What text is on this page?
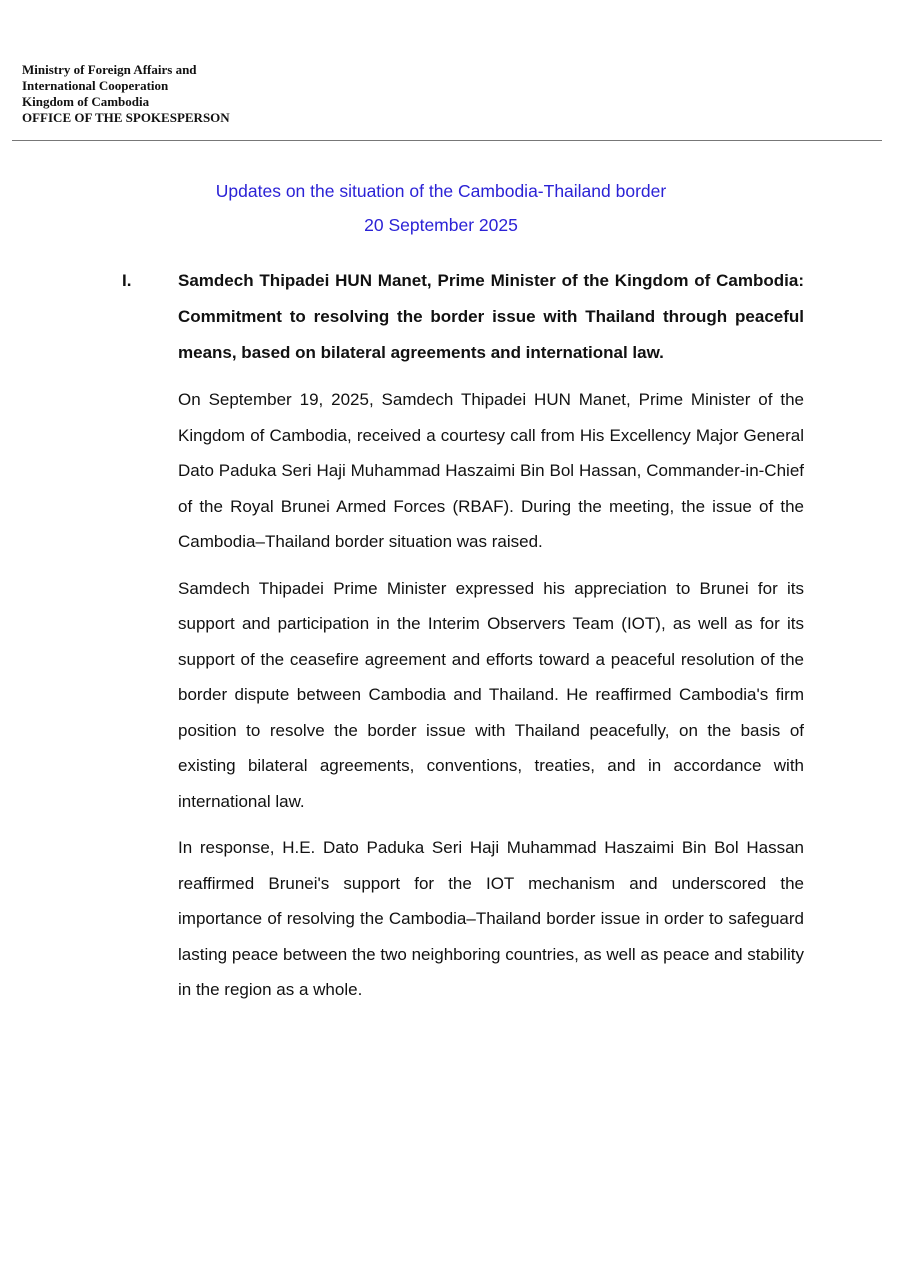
Ministry of Foreign Affairs and
International Cooperation
Kingdom of Cambodia
OFFICE OF THE SPOKESPERSON
Updates on the situation of the Cambodia-Thailand border
20 September 2025
I.	Samdech Thipadei HUN Manet, Prime Minister of the Kingdom of Cambodia: Commitment to resolving the border issue with Thailand through peaceful means, based on bilateral agreements and international law.

On September 19, 2025, Samdech Thipadei HUN Manet, Prime Minister of the Kingdom of Cambodia, received a courtesy call from His Excellency Major General Dato Paduka Seri Haji Muhammad Haszaimi Bin Bol Hassan, Commander-in-Chief of the Royal Brunei Armed Forces (RBAF). During the meeting, the issue of the Cambodia–Thailand border situation was raised.

Samdech Thipadei Prime Minister expressed his appreciation to Brunei for its support and participation in the Interim Observers Team (IOT), as well as for its support of the ceasefire agreement and efforts toward a peaceful resolution of the border dispute between Cambodia and Thailand. He reaffirmed Cambodia's firm position to resolve the border issue with Thailand peacefully, on the basis of existing bilateral agreements, conventions, treaties, and in accordance with international law.

In response, H.E. Dato Paduka Seri Haji Muhammad Haszaimi Bin Bol Hassan reaffirmed Brunei's support for the IOT mechanism and underscored the importance of resolving the Cambodia–Thailand border issue in order to safeguard lasting peace between the two neighboring countries, as well as peace and stability in the region as a whole.
